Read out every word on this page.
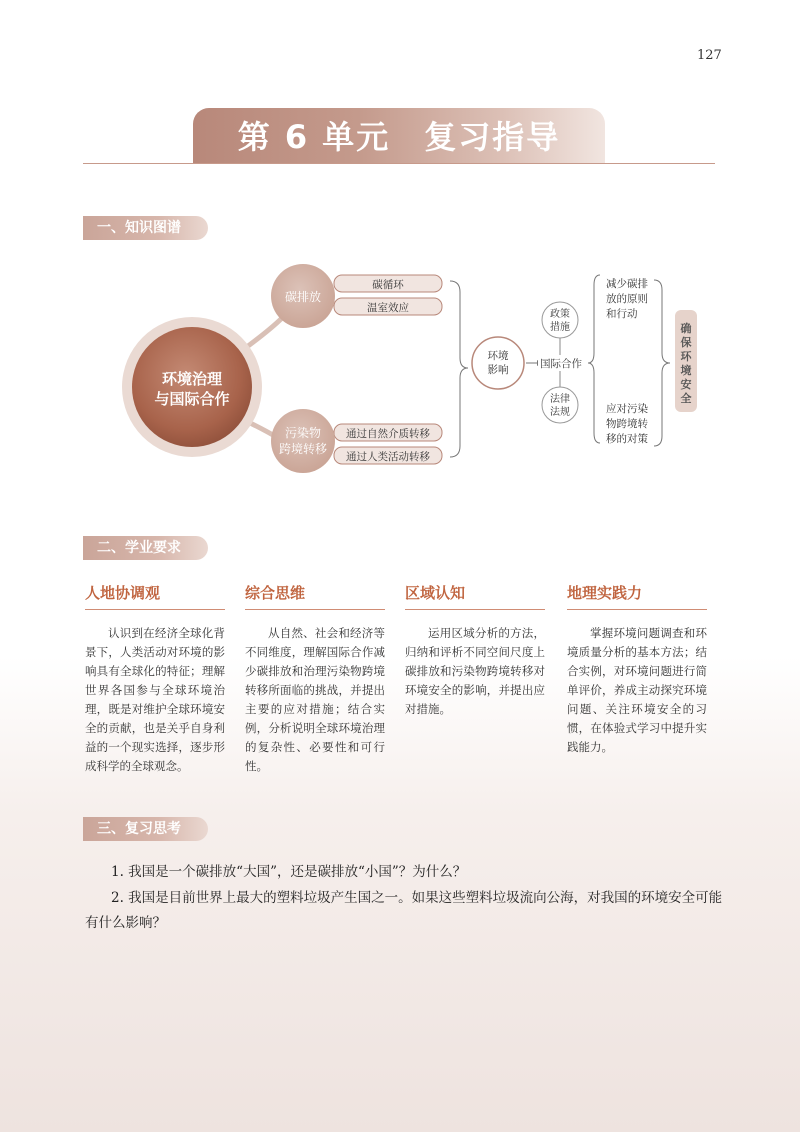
127
第 6 单元　复习指导
一、知识图谱
二、学业要求
三、复习思考
环境治理
与国际合作
碳循环
温室效应
碳排放
通过自然介质转移
通过人类活动转移
污染物
跨境转移
环境
影响
政策
措施
国际合作
法律
法规
减少碳排
放的原则
和行动
应对污染
物跨境转
移的对策
确
保
环
境
安
全
人地协调观
认识到在经济全球化背景下，人类活动对环境的影响具有全球化的特征；理解世界各国参与全球环境治理，既是对维护全球环境安全的贡献，也是关乎自身利益的一个现实选择，逐步形成科学的全球观念。
综合思维
从自然、社会和经济等不同维度，理解国际合作减少碳排放和治理污染物跨境转移所面临的挑战，并提出主要的应对措施；结合实例，分析说明全球环境治理的复杂性、必要性和可行性。
区域认知
运用区域分析的方法，归纳和评析不同空间尺度上碳排放和污染物跨境转移对环境安全的影响，并提出应对措施。
地理实践力
掌握环境问题调查和环境质量分析的基本方法；结合实例，对环境问题进行简单评价，养成主动探究环境问题、关注环境安全的习惯，在体验式学习中提升实践能力。
1. 我国是一个碳排放“大国”，还是碳排放“小国”？为什么？
2. 我国是目前世界上最大的塑料垃圾产生国之一。如果这些塑料垃圾流向公海，对我国的环境安全可能
有什么影响？
